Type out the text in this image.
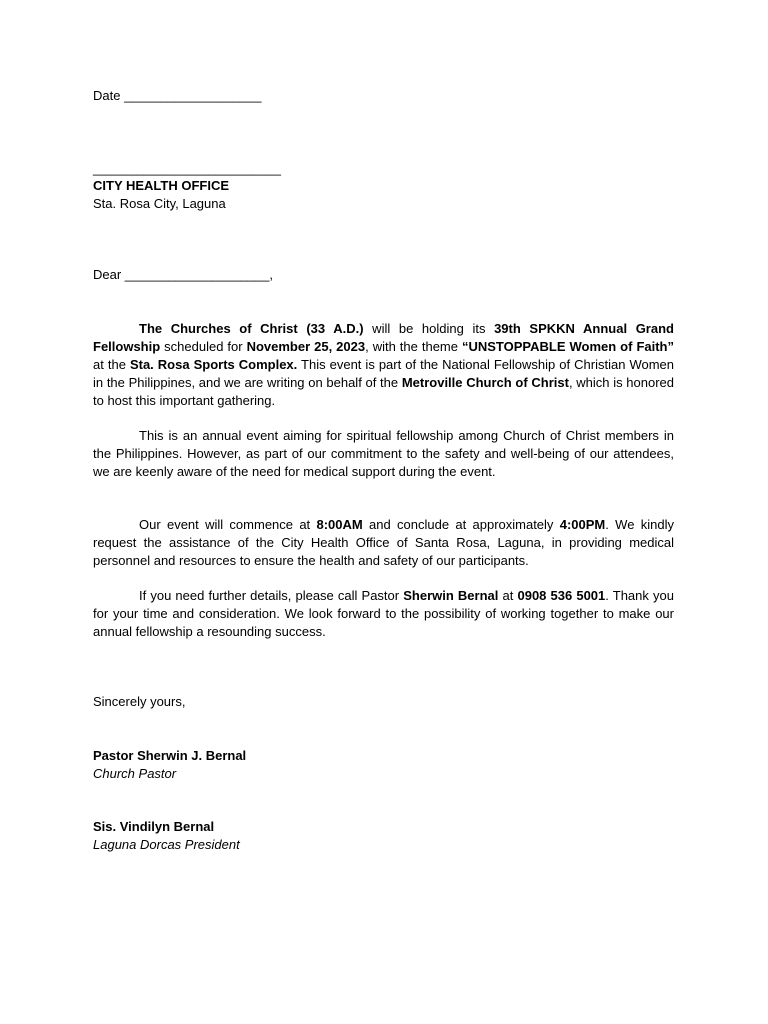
Date ___________________
__________________________
CITY HEALTH OFFICE
Sta. Rosa City, Laguna
Dear ____________________,
The Churches of Christ (33 A.D.) will be holding its 39th SPKKN Annual Grand Fellowship scheduled for November 25, 2023, with the theme “UNSTOPPABLE Women of Faith” at the Sta. Rosa Sports Complex. This event is part of the National Fellowship of Christian Women in the Philippines, and we are writing on behalf of the Metroville Church of Christ, which is honored to host this important gathering.
This is an annual event aiming for spiritual fellowship among Church of Christ members in the Philippines. However, as part of our commitment to the safety and well-being of our attendees, we are keenly aware of the need for medical support during the event.
Our event will commence at 8:00AM and conclude at approximately 4:00PM. We kindly request the assistance of the City Health Office of Santa Rosa, Laguna, in providing medical personnel and resources to ensure the health and safety of our participants.
If you need further details, please call Pastor Sherwin Bernal at 0908 536 5001. Thank you for your time and consideration. We look forward to the possibility of working together to make our annual fellowship a resounding success.
Sincerely yours,
Pastor Sherwin J. Bernal
Church Pastor
Sis. Vindilyn Bernal
Laguna Dorcas President
